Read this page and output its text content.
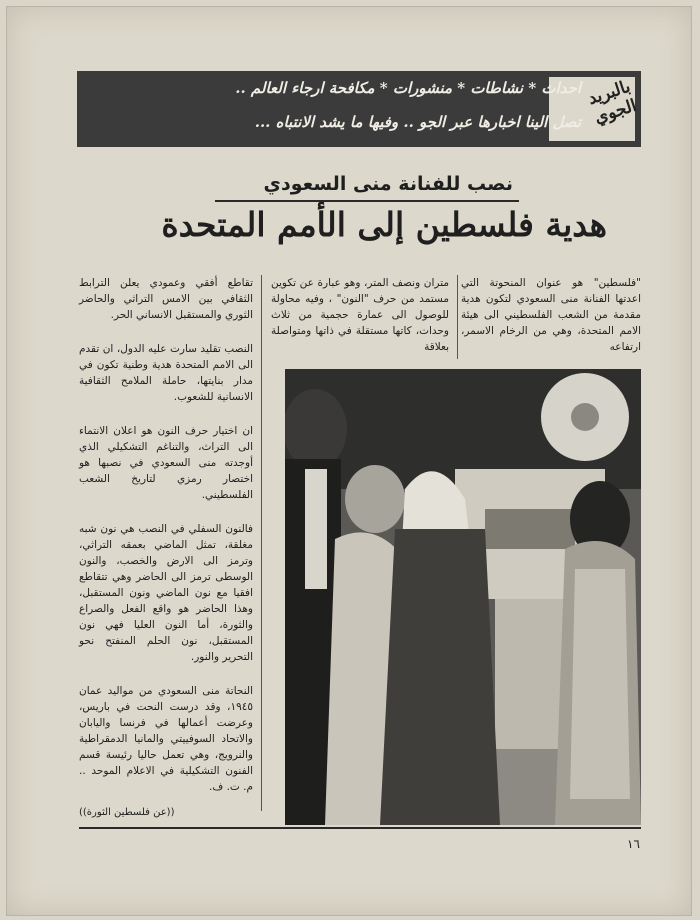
بالبريد الجوي
احداث * نشاطات * منشورات * مكافحة ارجاء العالم ..
تصل الينا اخبارها عبر الجو .. وفيها ما يشد الانتباه ...
نصب للفنانة منى السعودي
هدية فلسطين إلى الأمم المتحدة

"فلسطين" هو عنوان المنحوتة التي اعدتها الفنانة منى السعودي لتكون هدية مقدمة من الشعب الفلسطيني الى هيئة الامم المتحدة، وهي من الرخام الاسمر، ارتفاعه

متران ونصف المتر، وهو عبارة عن تكوين مستمد من حرف "النون" ، وفيه محاولة للوصول الى عمارة حجمية من ثلاث وحدات، كاتها مستقلة في ذاتها ومتواصلة بعلاقة

تقاطع أفقي وعمودي يعلن الترابط الثقافي بين الامس التراثي والحاضر الثوري والمستقبل الانساني الحر.

النصب تقليد سارت عليه الدول، ان تقدم الى الامم المتحدة هدية وطنية تكون في مدار بنايتها، حاملة الملامح الثقافية الانسانية للشعوب.

ان اختيار حرف النون هو اعلان الانتماء الى التراث، والتناغم التشكيلي الذي أوجدته منى السعودي في نصبها هو اختصار رمزي لتاريخ الشعب الفلسطيني.

فالنون السفلي في النصب هي نون شبه مغلقة، تمثل الماضي بعمقه التراثي، وترمز الى الارض والخصب، والنون الوسطى ترمز الى الحاضر وهي تتقاطع افقيا مع نون الماضي ونون المستقبل، وهذا الحاضر هو واقع الفعل والصراع والثورة، أما النون العليا فهي نون المستقبل، نون الحلم المنفتح نحو التحرير والنور.

النحاتة منى السعودي من مواليد عمان ١٩٤٥، وقد درست النحت في باريس، وعرضت أعمالها في فرنسا واليابان والاتحاد السوفييتي والمانيا الدمقراطية والنرويج، وهي تعمل حاليا رئيسة قسم الفنون التشكيلية في الاعلام الموحد .. م. ت. ف.

((عن فلسطين الثورة))
١٦
